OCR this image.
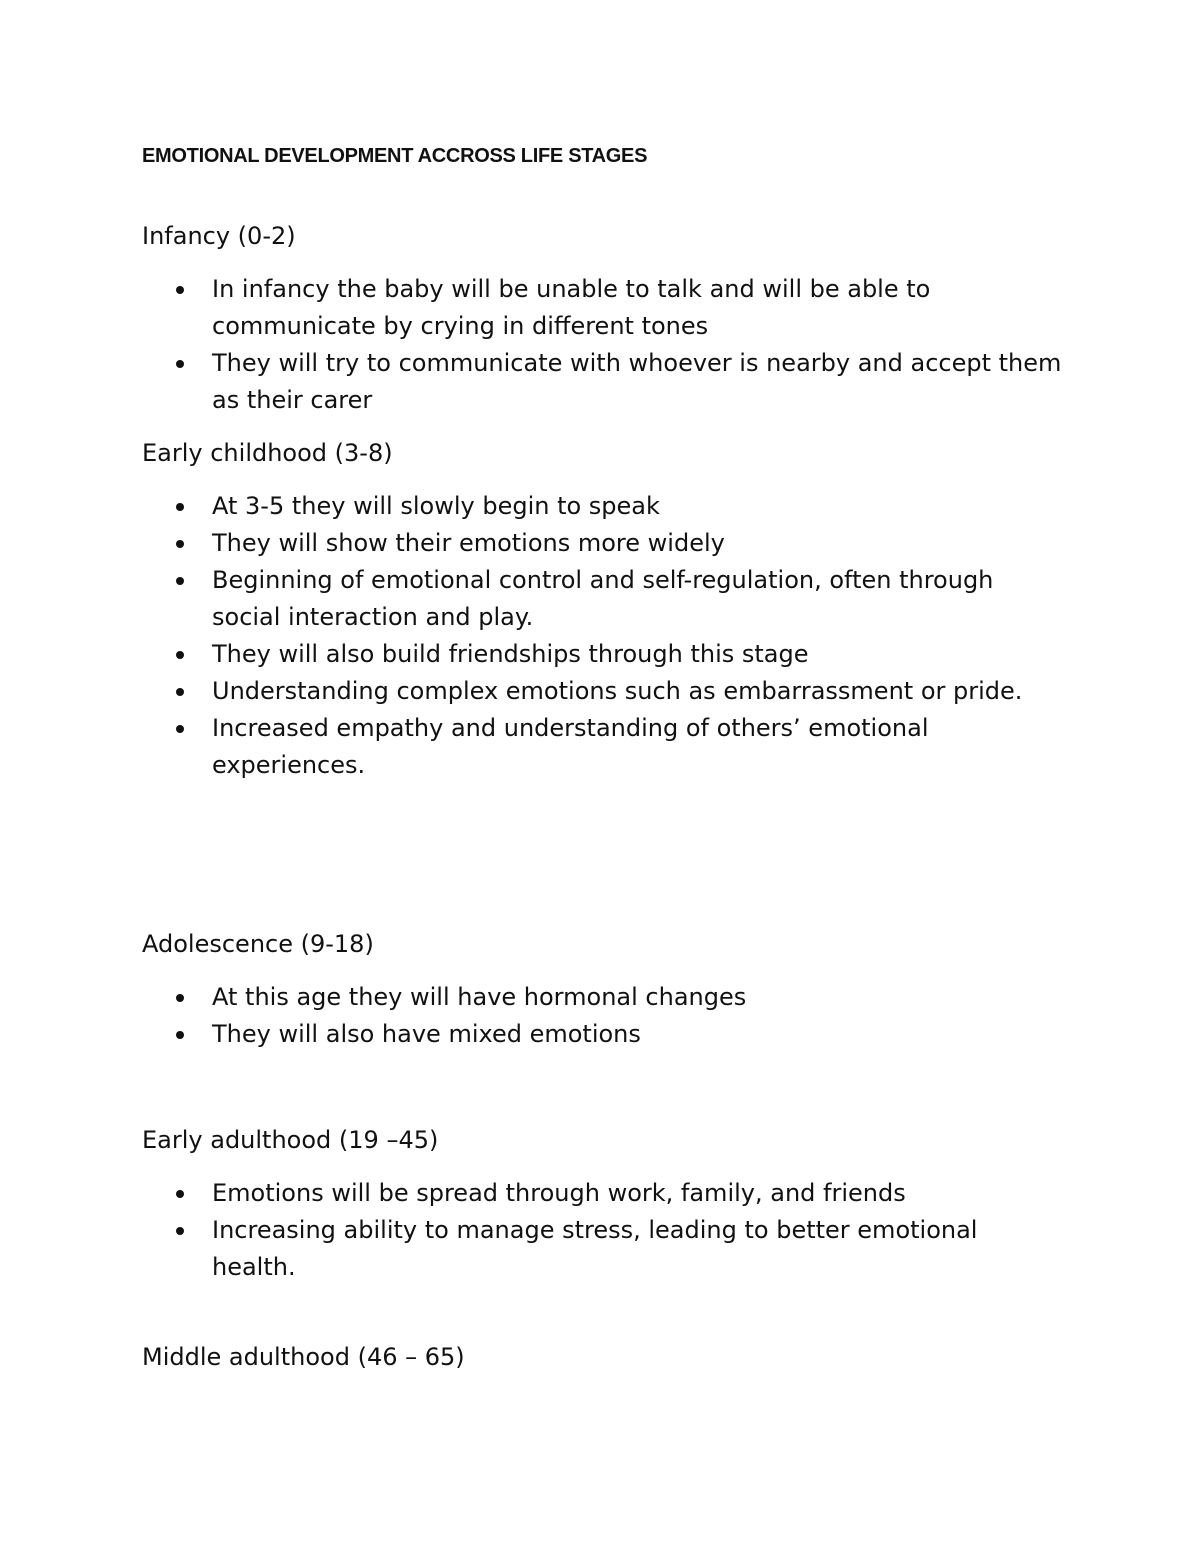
EMOTIONAL DEVELOPMENT ACCROSS LIFE STAGES
Infancy (0-2)
In infancy the baby will be unable to talk and will be able to communicate by crying in different tones
They will try to communicate with whoever is nearby and accept them as their carer
Early childhood (3-8)
At 3-5 they will slowly begin to speak
They will show their emotions more widely
Beginning of emotional control and self-regulation, often through social interaction and play.
They will also build friendships through this stage
Understanding complex emotions such as embarrassment or pride.
Increased empathy and understanding of others’ emotional experiences.
Adolescence (9-18)
At this age they will have hormonal changes
They will also have mixed emotions
Early adulthood (19 –45)
Emotions will be spread through work, family, and friends
Increasing ability to manage stress, leading to better emotional health.
Middle adulthood (46 – 65)
